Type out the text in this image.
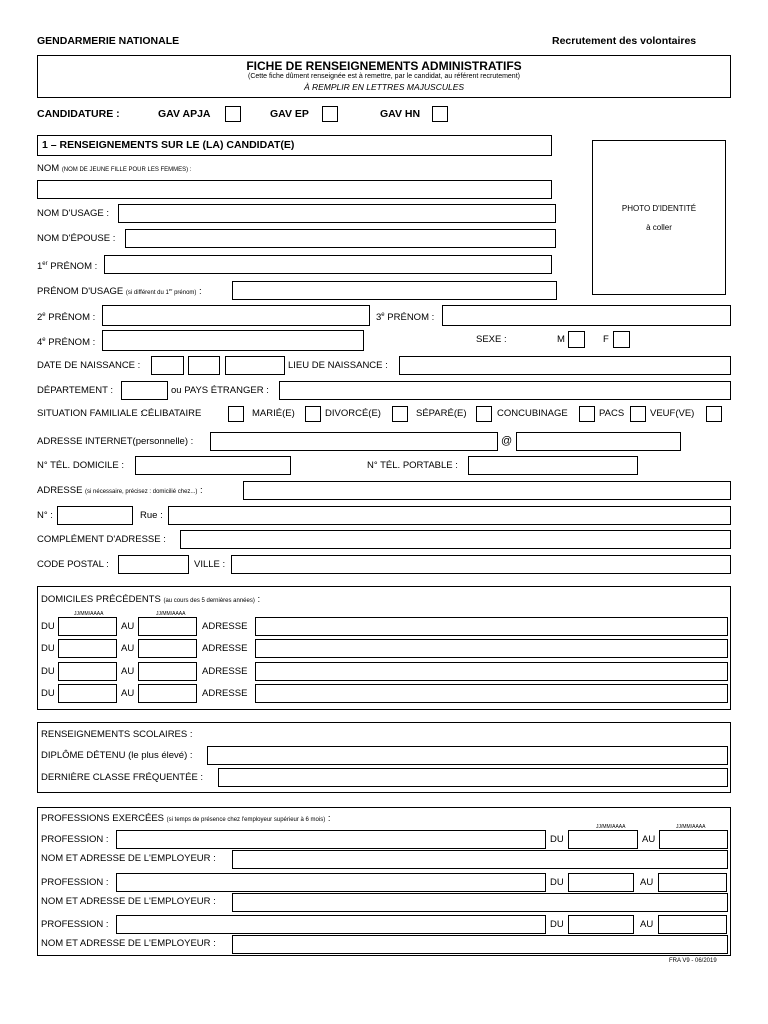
GENDARMERIE NATIONALE	Recrutement des volontaires
FICHE DE RENSEIGNEMENTS ADMINISTRATIFS
(Cette fiche dûment renseignée est à remettre, par le candidat, au référent recrutement)
À REMPLIR EN LETTRES MAJUSCULES
CANDIDATURE :	GAV APJA	GAV EP	GAV HN
1 – RENSEIGNEMENTS SUR LE (LA) CANDIDAT(E)
NOM (NOM DE JEUNE FILLE POUR LES FEMMES) :
PHOTO D'IDENTITÉ
à coller
NOM D'USAGE :
NOM D'ÉPOUSE :
1er PRÉNOM :
PRÉNOM D'USAGE (si différent du 1er prénom) :
2e PRÉNOM :	3e PRÉNOM :
4e PRÉNOM :	SEXE :	M	F
DATE DE NAISSANCE :	LIEU DE NAISSANCE :
DÉPARTEMENT :	ou PAYS ÉTRANGER :
SITUATION FAMILIALE :
CÉLIBATAIRE	MARIÉ(E)	DIVORCÉ(E)	SÉPARÉ(E)	CONCUBINAGE	PACS	VEUF(VE)
ADRESSE INTERNET(personnelle) :	@
N° TÉL. DOMICILE :	N° TÉL. PORTABLE :
ADRESSE (si nécessaire, précisez : domicilié chez...) :
N° :	Rue :
COMPLÉMENT D'ADRESSE :
CODE POSTAL :	VILLE :
DOMICILES PRÉCÉDENTS (au cours des 5 dernières années) :
JJ/MM/AAAA	JJ/MM/AAAA
DU	AU	ADRESSE
DU	AU	ADRESSE
DU	AU	ADRESSE
DU	AU	ADRESSE
RENSEIGNEMENTS SCOLAIRES :
DIPLÔME DÉTENU (le plus élevé) :
DERNIÈRE CLASSE FRÉQUENTÉE :
PROFESSIONS EXERCÉES (si temps de présence chez l'employeur supérieur à 6 mois) :
JJ/MM/AAAA	JJ/MM/AAAA
PROFESSION :	DU	AU
NOM ET ADRESSE DE L'EMPLOYEUR :
PROFESSION :	DU	AU
NOM ET ADRESSE DE L'EMPLOYEUR :
PROFESSION :	DU	AU
NOM ET ADRESSE DE L'EMPLOYEUR :
FRA V9 - 06/2019
